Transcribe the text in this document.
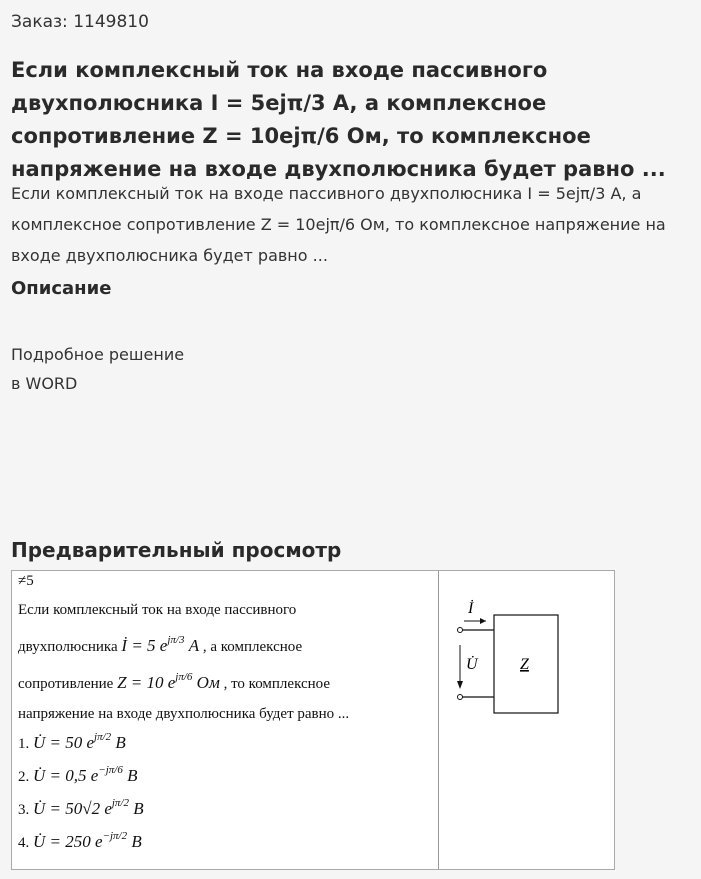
Заказ: 1149810
Если комплексный ток на входе пассивного двухполюсника I = 5ejπ/3 A, а комплексное сопротивление Z = 10ejπ/6 Ом, то комплексное напряжение на входе двухполюсника будет равно ...
Если комплексный ток на входе пассивного двухполюсника I = 5ejπ/3 A, а комплексное сопротивление Z = 10ejπ/6 Ом, то комплексное напряжение на входе двухполюсника будет равно ...
Описание
Подробное решение
в WORD
Предварительный просмотр
≠5
Если комплексный ток на входе пассивного
двухполюсника İ = 5 $e^{j\pi/3}$ A , а комплексное
сопротивление Z = 10 $e^{j\pi/6}$ Ом , то комплексное
напряжение на входе двухполюсника будет равно ...
1. U̇ = 50 $e^{j\pi/2}$ B
2. U̇ = 0,5 $e^{-j\pi/6}$ B
3. U̇ = 50√2 $e^{j\pi/2}$ B
4. U̇ = 250 $e^{-j\pi/2}$ B
İ
U̇	Z
